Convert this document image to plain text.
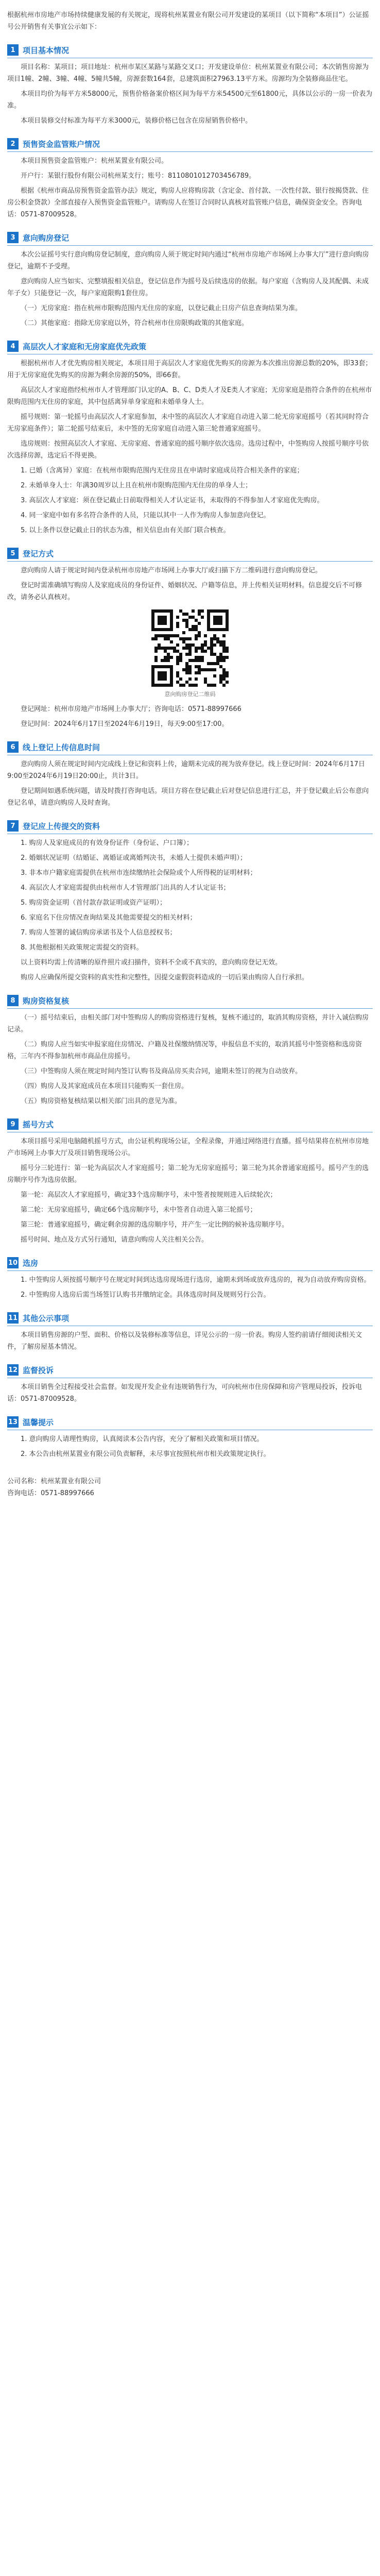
根据杭州市房地产市场持续健康发展的有关规定，现将杭州某置业有限公司开发建设的某项目（以下简称“本项目”）公证摇号公开销售有关事宜公示如下：

1 项目基本情况

项目名称：某项目；项目地址：杭州市某区某路与某路交叉口；开发建设单位：杭州某置业有限公司；本次销售房源为项目1幢、2幢、3幢、4幢、5幢共5幢，房源套数164套，总建筑面积27963.13平方米。房源均为全装修商品住宅。

本项目均价为每平方米58000元，预售价格备案价格区间为每平方米54500元至61800元，具体以公示的一房一价表为准。

本项目装修交付标准为每平方米3000元，装修价格已包含在房屋销售价格中。

2 预售资金监管账户情况

本项目预售资金监管账户：杭州某置业有限公司。

开户行：某银行股份有限公司杭州某支行；账号：8110801012703456789。

根据《杭州市商品房预售资金监管办法》规定，购房人应将购房款（含定金、首付款、一次性付款、银行按揭贷款、住房公积金贷款）全部直接存入预售资金监管账户。请购房人在签订合同时认真核对监管账户信息，确保资金安全。咨询电话：0571-87009528。

3 意向购房登记

本次公证摇号实行意向购房登记制度，意向购房人须于规定时间内通过“杭州市房地产市场网上办事大厅”进行意向购房登记，逾期不予受理。

意向购房人应当如实、完整填报相关信息，登记信息作为摇号及后续选房的依据。每户家庭（含购房人及其配偶、未成年子女）只能登记一次，每户家庭限购1套住房。

（一）无房家庭：指在杭州市限购范围内无住房的家庭，以登记截止日房产信息查询结果为准。

（二）其他家庭：指除无房家庭以外，符合杭州市住房限购政策的其他家庭。

4 高层次人才家庭和无房家庭优先政策

根据杭州市人才优先购房相关规定，本项目用于高层次人才家庭优先购买的房源为本次推出房源总数的20%，即33套；用于无房家庭优先购买的房源为剩余房源的50%，即66套。

高层次人才家庭指经杭州市人才管理部门认定的A、B、C、D类人才及E类人才家庭；无房家庭是指符合条件的在杭州市限购范围内无住房的家庭，其中包括离异单身家庭和未婚单身人士。

摇号规则：第一轮摇号由高层次人才家庭参加，未中签的高层次人才家庭自动进入第二轮无房家庭摇号（若其同时符合无房家庭条件）；第二轮摇号结束后，未中签的无房家庭自动进入第三轮普通家庭摇号。

选房规则：按照高层次人才家庭、无房家庭、普通家庭的摇号顺序依次选房。选房过程中，中签购房人按摇号顺序号依次选择房源，选定后不得更换。

1. 已婚（含离异）家庭：在杭州市限购范围内无住房且在申请时家庭成员符合相关条件的家庭；

2. 未婚单身人士：年满30周岁以上且在杭州市限购范围内无住房的单身人士；

3. 高层次人才家庭：须在登记截止日前取得相关人才认定证书，未取得的不得参加人才家庭优先购房。

4. 同一家庭中如有多名符合条件的人员，只能以其中一人作为购房人参加意向登记。

5. 以上条件以登记截止日的状态为准，相关信息由有关部门联合核查。

5 登记方式

意向购房人请于规定时间内登录杭州市房地产市场网上办事大厅或扫描下方二维码进行意向购房登记。

登记时需准确填写购房人及家庭成员的身份证件、婚姻状况、户籍等信息，并上传相关证明材料。信息提交后不可修改，请务必认真核对。

意向购房登记二维码

登记网址：杭州市房地产市场网上办事大厅；咨询电话：0571-88997666

登记时间：2024年6月17日至2024年6月19日，每天9:00至17:00。

6 线上登记上传信息时间

意向购房人须在规定时间内完成线上登记和资料上传，逾期未完成的视为放弃登记。线上登记时间：2024年6月17日9:00至2024年6月19日20:00止，共计3日。

登记期间如遇系统问题，请及时拨打咨询电话。项目方将在登记截止后对登记信息进行汇总，并于登记截止后公布意向登记名单，请意向购房人及时查询。

7 登记应上传提交的资料

1. 购房人及家庭成员的有效身份证件（身份证、户口簿）；

2. 婚姻状况证明（结婚证、离婚证或离婚判决书，未婚人士提供未婚声明）；

3. 非本市户籍家庭需提供在杭州市连续缴纳社会保险或个人所得税的证明材料；

4. 高层次人才家庭需提供由杭州市人才管理部门出具的人才认定证书；

5. 购房资金证明（首付款存款证明或资产证明）；

6. 家庭名下住房情况查询结果及其他需要提交的相关材料；

7. 购房人签署的诚信购房承诺书及个人信息授权书；

8. 其他根据相关政策规定需提交的资料。

以上资料均需上传清晰的原件照片或扫描件，资料不全或不真实的，意向购房登记无效。

购房人应确保所提交资料的真实性和完整性，因提交虚假资料造成的一切后果由购房人自行承担。

8 购房资格复核

（一）摇号结束后，由相关部门对中签购房人的购房资格进行复核，复核不通过的，取消其购房资格，并计入诚信购房记录。

（二）购房人应当如实申报家庭住房情况、户籍及社保缴纳情况等，申报信息不实的，取消其摇号中签资格和选房资格，三年内不得参加杭州市商品住房摇号。

（三）中签购房人须在规定时间内签订认购书及商品房买卖合同，逾期未签订的视为自动放弃。

（四）购房人及其家庭成员在本项目只能购买一套住房。

（五）购房资格复核结果以相关部门出具的意见为准。

9 摇号方式

本项目摇号采用电脑随机摇号方式，由公证机构现场公证，全程录像，并通过网络进行直播。摇号结果将在杭州市房地产市场网上办事大厅及项目销售现场公示。

摇号分三轮进行：第一轮为高层次人才家庭摇号；第二轮为无房家庭摇号；第三轮为其余普通家庭摇号。摇号产生的选房顺序号作为选房依据。

第一轮：高层次人才家庭摇号，确定33个选房顺序号，未中签者按规则进入后续轮次；

第二轮：无房家庭摇号，确定66个选房顺序号，未中签者自动进入第三轮摇号；

第三轮：普通家庭摇号，确定剩余房源的选房顺序号，并产生一定比例的候补选房顺序号。

摇号时间、地点及方式另行通知，请意向购房人关注相关公告。

10 选房

1. 中签购房人须按摇号顺序号在规定时间到达选房现场进行选房，逾期未到场或放弃选房的，视为自动放弃购房资格。

2. 中签购房人选房后需当场签订认购书并缴纳定金。具体选房时间及规则另行公告。

11 其他公示事项

本项目销售房源的户型、面积、价格以及装修标准等信息，详见公示的一房一价表。购房人签约前请仔细阅读相关文件，了解房屋基本情况。

12 监督投诉

本项目销售全过程接受社会监督。如发现开发企业有违规销售行为，可向杭州市住房保障和房产管理局投诉，投诉电话：0571-87009528。

13 温馨提示

1. 意向购房人请理性购房，认真阅读本公告内容，充分了解相关政策和项目情况。

2. 本公告由杭州某置业有限公司负责解释，未尽事宜按照杭州市相关政策规定执行。

公司名称：杭州某置业有限公司
咨询电话：0571-88997666
